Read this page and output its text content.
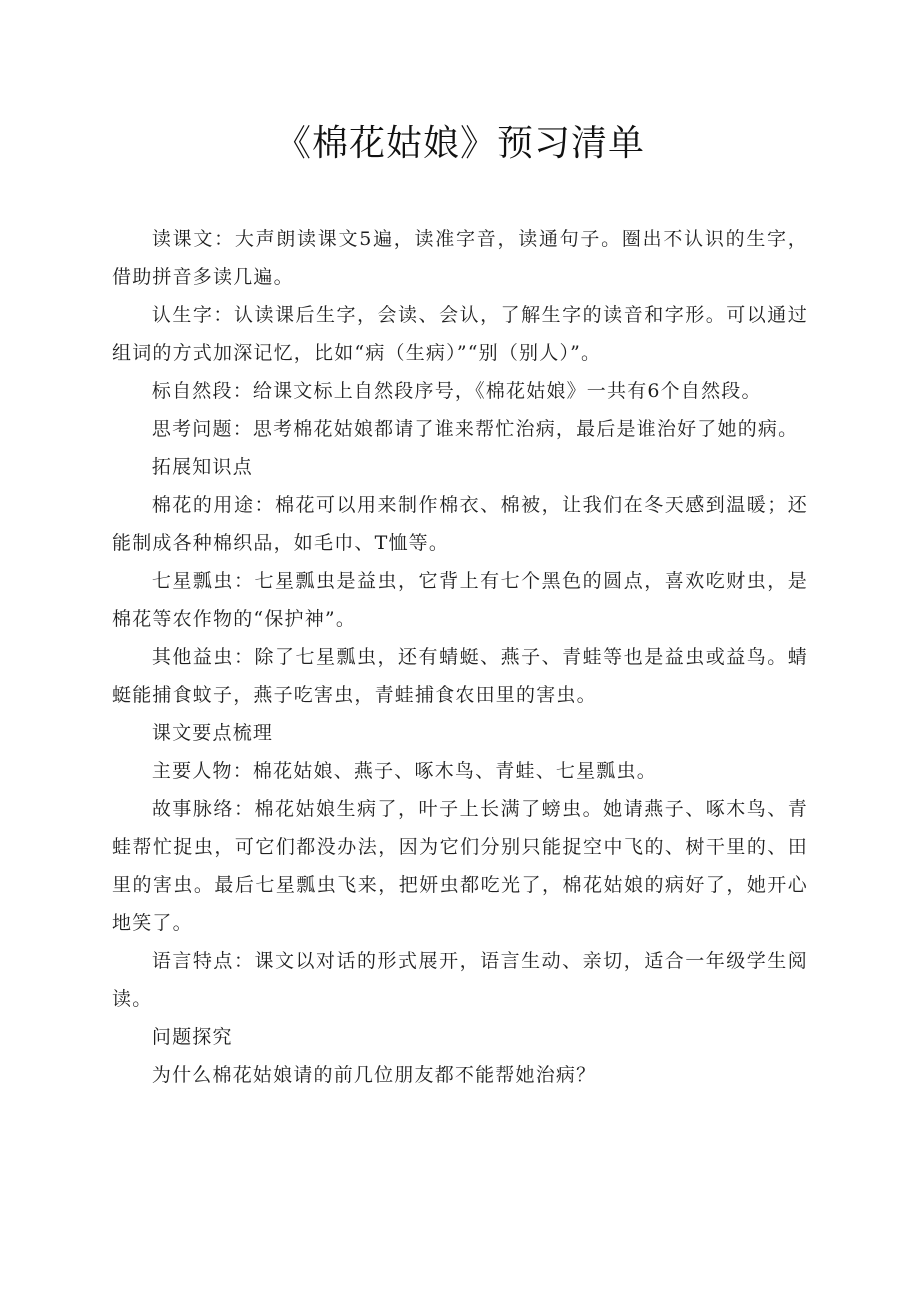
《棉花姑娘》预习清单

读课文：大声朗读课文5遍，读准字音，读通句子。圈出不认识的生字，借助拼音多读几遍。

认生字：认读课后生字，会读、会认，了解生字的读音和字形。可以通过组词的方式加深记忆，比如“病（生病）”“别（别人）”。

标自然段：给课文标上自然段序号，《棉花姑娘》一共有6个自然段。

思考问题：思考棉花姑娘都请了谁来帮忙治病，最后是谁治好了她的病。

拓展知识点

棉花的用途：棉花可以用来制作棉衣、棉被，让我们在冬天感到温暖；还能制成各种棉织品，如毛巾、T恤等。

七星瓢虫：七星瓢虫是益虫，它背上有七个黑色的圆点，喜欢吃财虫，是棉花等农作物的“保护神”。

其他益虫：除了七星瓢虫，还有蜻蜓、燕子、青蛙等也是益虫或益鸟。蜻蜓能捕食蚊子，燕子吃害虫，青蛙捕食农田里的害虫。

课文要点梳理

主要人物：棉花姑娘、燕子、啄木鸟、青蛙、七星瓢虫。

故事脉络：棉花姑娘生病了，叶子上长满了螃虫。她请燕子、啄木鸟、青蛙帮忙捉虫，可它们都没办法，因为它们分别只能捉空中飞的、树干里的、田里的害虫。最后七星瓢虫飞来，把妍虫都吃光了，棉花姑娘的病好了，她开心地笑了。

语言特点：课文以对话的形式展开，语言生动、亲切，适合一年级学生阅读。

问题探究

为什么棉花姑娘请的前几位朋友都不能帮她治病？
